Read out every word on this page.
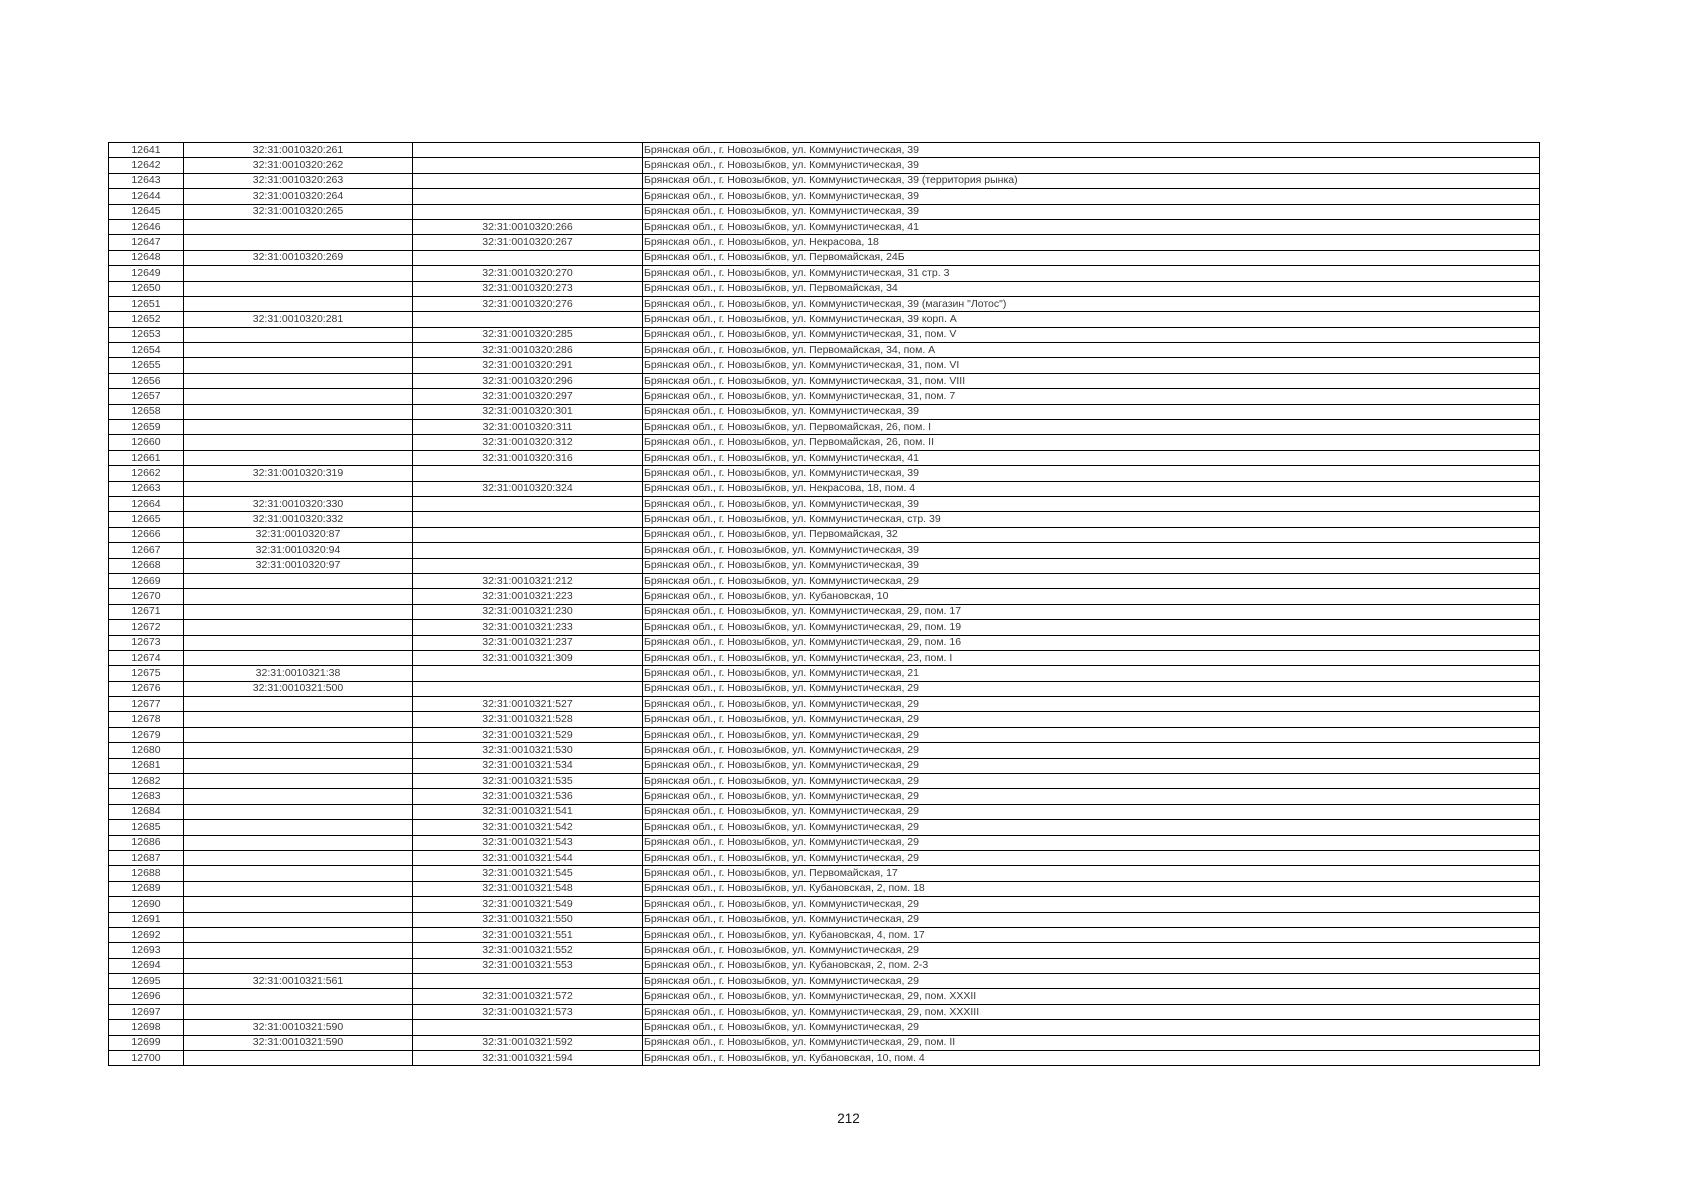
12641	32:31:0010320:261		Брянская обл., г. Новозыбков, ул. Коммунистическая, 39
12642	32:31:0010320:262		Брянская обл., г. Новозыбков, ул. Коммунистическая, 39
12643	32:31:0010320:263		Брянская обл., г. Новозыбков, ул. Коммунистическая, 39 (территория рынка)
12644	32:31:0010320:264		Брянская обл., г. Новозыбков, ул. Коммунистическая, 39
12645	32:31:0010320:265		Брянская обл., г. Новозыбков, ул. Коммунистическая, 39
12646		32:31:0010320:266	Брянская обл., г. Новозыбков, ул. Коммунистическая, 41
12647		32:31:0010320:267	Брянская обл., г. Новозыбков, ул. Некрасова, 18
12648	32:31:0010320:269		Брянская обл., г. Новозыбков, ул. Первомайская, 24Б
12649		32:31:0010320:270	Брянская обл., г. Новозыбков, ул. Коммунистическая, 31 стр. 3
12650		32:31:0010320:273	Брянская обл., г. Новозыбков, ул. Первомайская, 34
12651		32:31:0010320:276	Брянская обл., г. Новозыбков, ул. Коммунистическая, 39 (магазин "Лотос")
12652	32:31:0010320:281		Брянская обл., г. Новозыбков, ул. Коммунистическая, 39 корп. А
12653		32:31:0010320:285	Брянская обл., г. Новозыбков, ул. Коммунистическая, 31, пом. V
12654		32:31:0010320:286	Брянская обл., г. Новозыбков, ул. Первомайская, 34, пом. А
12655		32:31:0010320:291	Брянская обл., г. Новозыбков, ул. Коммунистическая, 31, пом. VI
12656		32:31:0010320:296	Брянская обл., г. Новозыбков, ул. Коммунистическая, 31, пом. VIII
12657		32:31:0010320:297	Брянская обл., г. Новозыбков, ул. Коммунистическая, 31, пом. 7
12658		32:31:0010320:301	Брянская обл., г. Новозыбков, ул. Коммунистическая, 39
12659		32:31:0010320:311	Брянская обл., г. Новозыбков, ул. Первомайская, 26, пом. I
12660		32:31:0010320:312	Брянская обл., г. Новозыбков, ул. Первомайская, 26, пом. II
12661		32:31:0010320:316	Брянская обл., г. Новозыбков, ул. Коммунистическая, 41
12662	32:31:0010320:319		Брянская обл., г. Новозыбков, ул. Коммунистическая, 39
12663		32:31:0010320:324	Брянская обл., г. Новозыбков, ул. Некрасова, 18, пом. 4
12664	32:31:0010320:330		Брянская обл., г. Новозыбков, ул. Коммунистическая, 39
12665	32:31:0010320:332		Брянская обл., г. Новозыбков, ул. Коммунистическая, стр. 39
12666	32:31:0010320:87		Брянская обл., г. Новозыбков, ул. Первомайская, 32
12667	32:31:0010320:94		Брянская обл., г. Новозыбков, ул. Коммунистическая, 39
12668	32:31:0010320:97		Брянская обл., г. Новозыбков, ул. Коммунистическая, 39
12669		32:31:0010321:212	Брянская обл., г. Новозыбков, ул. Коммунистическая, 29
12670		32:31:0010321:223	Брянская обл., г. Новозыбков, ул. Кубановская, 10
12671		32:31:0010321:230	Брянская обл., г. Новозыбков, ул. Коммунистическая, 29, пом. 17
12672		32:31:0010321:233	Брянская обл., г. Новозыбков, ул. Коммунистическая, 29, пом. 19
12673		32:31:0010321:237	Брянская обл., г. Новозыбков, ул. Коммунистическая, 29, пом. 16
12674		32:31:0010321:309	Брянская обл., г. Новозыбков, ул. Коммунистическая, 23, пом. I
12675	32:31:0010321:38		Брянская обл., г. Новозыбков, ул. Коммунистическая, 21
12676	32:31:0010321:500		Брянская обл., г. Новозыбков, ул. Коммунистическая, 29
12677		32:31:0010321:527	Брянская обл., г. Новозыбков, ул. Коммунистическая, 29
12678		32:31:0010321:528	Брянская обл., г. Новозыбков, ул. Коммунистическая, 29
12679		32:31:0010321:529	Брянская обл., г. Новозыбков, ул. Коммунистическая, 29
12680		32:31:0010321:530	Брянская обл., г. Новозыбков, ул. Коммунистическая, 29
12681		32:31:0010321:534	Брянская обл., г. Новозыбков, ул. Коммунистическая, 29
12682		32:31:0010321:535	Брянская обл., г. Новозыбков, ул. Коммунистическая, 29
12683		32:31:0010321:536	Брянская обл., г. Новозыбков, ул. Коммунистическая, 29
12684		32:31:0010321:541	Брянская обл., г. Новозыбков, ул. Коммунистическая, 29
12685		32:31:0010321:542	Брянская обл., г. Новозыбков, ул. Коммунистическая, 29
12686		32:31:0010321:543	Брянская обл., г. Новозыбков, ул. Коммунистическая, 29
12687		32:31:0010321:544	Брянская обл., г. Новозыбков, ул. Коммунистическая, 29
12688		32:31:0010321:545	Брянская обл., г. Новозыбков, ул. Первомайская, 17
12689		32:31:0010321:548	Брянская обл., г. Новозыбков, ул. Кубановская, 2, пом. 18
12690		32:31:0010321:549	Брянская обл., г. Новозыбков, ул. Коммунистическая, 29
12691		32:31:0010321:550	Брянская обл., г. Новозыбков, ул. Коммунистическая, 29
12692		32:31:0010321:551	Брянская обл., г. Новозыбков, ул. Кубановская, 4, пом. 17
12693		32:31:0010321:552	Брянская обл., г. Новозыбков, ул. Коммунистическая, 29
12694		32:31:0010321:553	Брянская обл., г. Новозыбков, ул. Кубановская, 2, пом. 2-3
12695	32:31:0010321:561		Брянская обл., г. Новозыбков, ул. Коммунистическая, 29
12696		32:31:0010321:572	Брянская обл., г. Новозыбков, ул. Коммунистическая, 29, пом. XXXII
12697		32:31:0010321:573	Брянская обл., г. Новозыбков, ул. Коммунистическая, 29, пом. XXXIII
12698	32:31:0010321:590		Брянская обл., г. Новозыбков, ул. Коммунистическая, 29
12699	32:31:0010321:590	32:31:0010321:592	Брянская обл., г. Новозыбков, ул. Коммунистическая, 29, пом. II
12700		32:31:0010321:594	Брянская обл., г. Новозыбков, ул. Кубановская, 10, пом. 4
212
